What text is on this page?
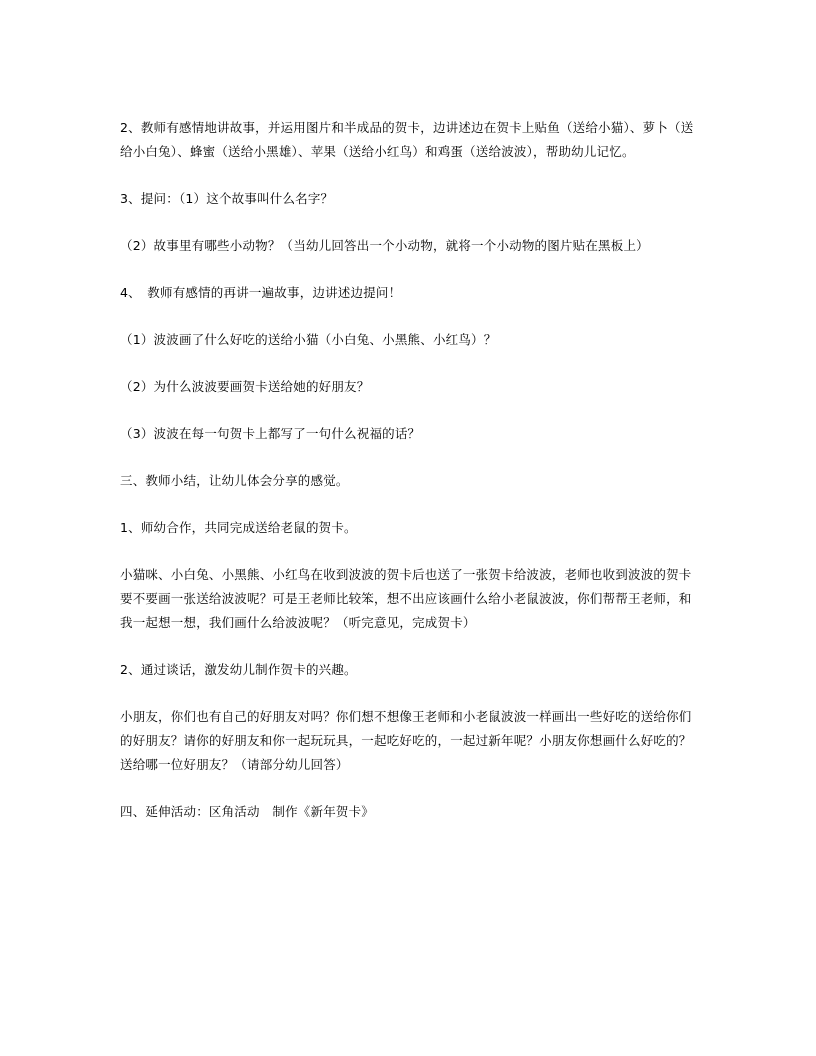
2、教师有感情地讲故事，并运用图片和半成品的贺卡，边讲述边在贺卡上贴鱼（送给小猫）、萝卜（送给小白兔）、蜂蜜（送给小黑雄）、苹果（送给小红鸟）和鸡蛋（送给波波），帮助幼儿记忆。

3、提问：（1）这个故事叫什么名字？

（2）故事里有哪些小动物？（当幼儿回答出一个小动物，就将一个小动物的图片贴在黑板上）

4、　教师有感情的再讲一遍故事，边讲述边提问！

（1）波波画了什么好吃的送给小猫（小白兔、小黑熊、小红鸟）？

（2）为什么波波要画贺卡送给她的好朋友？

（3）波波在每一句贺卡上都写了一句什么祝福的话？

三、教师小结，让幼儿体会分享的感觉。

1、师幼合作，共同完成送给老鼠的贺卡。

小猫咪、小白兔、小黑熊、小红鸟在收到波波的贺卡后也送了一张贺卡给波波，老师也收到波波的贺卡要不要画一张送给波波呢？可是王老师比较笨，想不出应该画什么给小老鼠波波，你们帮帮王老师，和我一起想一想，我们画什么给波波呢？（听完意见，完成贺卡）

2、通过谈话，激发幼儿制作贺卡的兴趣。

小朋友，你们也有自己的好朋友对吗？你们想不想像王老师和小老鼠波波一样画出一些好吃的送给你们的好朋友？请你的好朋友和你一起玩玩具，一起吃好吃的，一起过新年呢？小朋友你想画什么好吃的？送给哪一位好朋友？（请部分幼儿回答）

四、延伸活动：区角活动　制作《新年贺卡》
